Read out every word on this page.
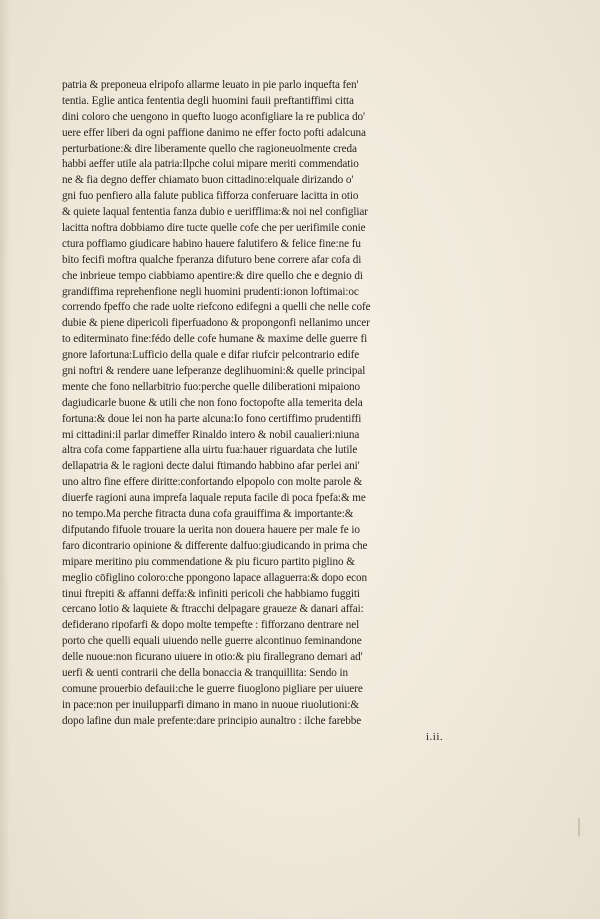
patria & preponeua elripofo allarme leuato in pie parlo inquefta fen'
tentia. Eglie antica fententia degli huomini fauii preftantiffimi citta
dini coloro che uengono in quefto luogo aconfigliare la re publica do'
uere effer liberi da ogni paffione danimo ne effer focto pofti adalcuna
perturbatione:& dire liberamente quello che ragioneuolmente creda
habbi aeffer utile ala patria:Ilpche colui mipare meriti commendatio
ne & fia degno deffer chiamato buon cittadino:elquale dirizando o'
gni fuo penfiero alla falute publica fifforza conferuare lacitta in otio
& quiete laqual fententia fanza dubio e uerifflima:& noi nel configliar
lacitta noftra dobbiamo dire tucte quelle cofe che per uerifimile conie
ctura poffiamo giudicare habino hauere falutifero & felice fine:ne fu
bito fecifi moftra qualche fperanza difuturo bene correre afar cofa di
che inbrieue tempo ciabbiamo apentire:& dire quello che e degnio di
grandiffima reprehenfione negli huomini prudenti:ionon loftimai:oc
correndo fpeffo che rade uolte riefcono edifegni a quelli che nelle cofe
dubie & piene dipericoli fiperfuadono & propongonfi nellanimo uncer
to editerminato fine:fédo delle cofe humane & maxime delle guerre fi
gnore lafortuna:Lufficio della quale e difar riufcir pelcontrario edife
gni noftri & rendere uane lefperanze deglihuomini:& quelle principal
mente che fono nellarbitrio fuo:perche quelle diliberationi mipaiono
dagiudicarle buone & utili che non fono foctopofte alla temerita dela
fortuna:& doue lei non ha parte alcuna:Io fono certiffimo prudentiffi
mi cittadini:il parlar dimeffer Rinaldo intero & nobil caualieri:niuna
altra cofa come fappartiene alla uirtu fua:hauer riguardata che lutile
dellapatria & le ragioni decte dalui ftimando habbino afar perlei ani'
uno altro fine effere diritte:confortando elpopolo con molte parole &
diuerfe ragioni auna imprefa laquale reputa facile di poca fpefa:& me
no tempo.Ma perche fitracta duna cofa grauiffima & importante:&
difputando fifuole trouare la uerita non douera hauere per male fe io
faro dicontrario opinione & differente dalfuo:giudicando in prima che
mipare meritino piu commendatione & piu ficuro partito piglino &
meglio cōfiglino coloro:che ppongono lapace allaguerra:& dopo econ
tinui ftrepiti & affanni deffa:& infiniti pericoli che habbiamo fuggiti
cercano lotio & laquiete & ftracchi delpagare graueze & danari affai:
defiderano ripofarfi & dopo molte tempefte : fifforzano dentrare nel
porto che quelli equali uiuendo nelle guerre alcontinuo feminandone
delle nuoue:non ficurano uiuere in otio:& piu firallegrano demari ad'
uerfi & uenti contrarii che della bonaccia & tranquillita: Sendo in
comune prouerbio defauii:che le guerre fiuoglono pigliare per uiuere
in pace:non per inuilupparfi dimano in mano in nuoue riuolutioni:&
dopo lafine dun male prefente:dare principio aunaltro : ilche farebbe
i.ii.
